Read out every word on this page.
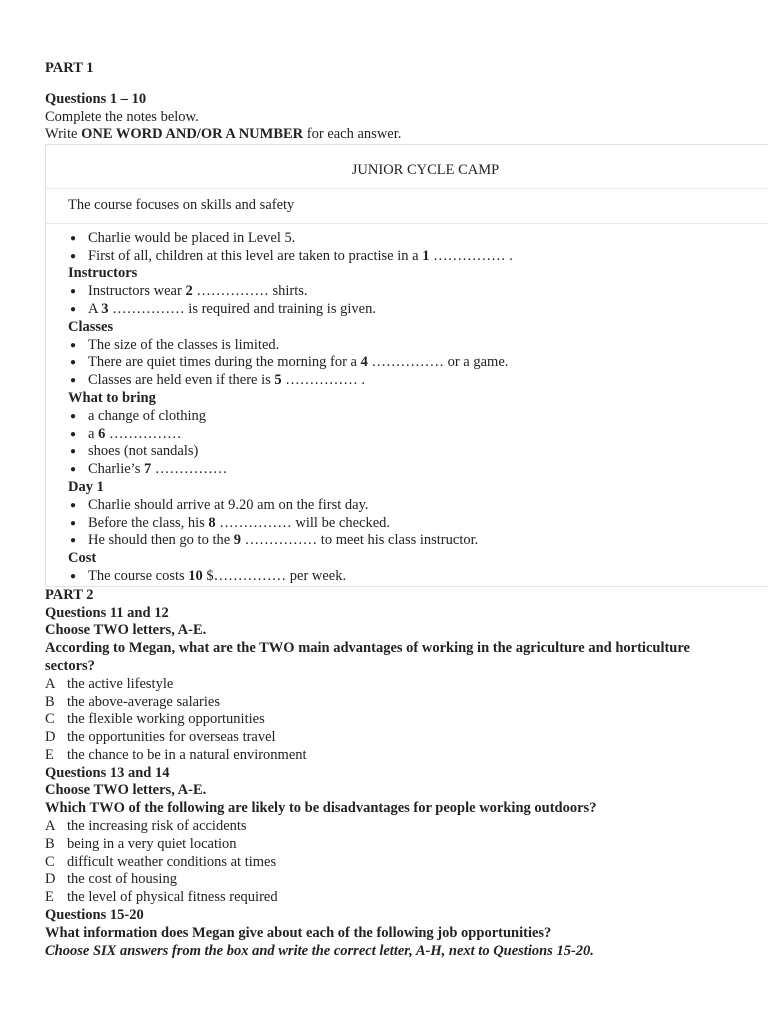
PART 1
Questions 1 – 10
Complete the notes below.
Write ONE WORD AND/OR A NUMBER for each answer.
JUNIOR CYCLE CAMP
The course focuses on skills and safety
● Charlie would be placed in Level 5.
● First of all, children at this level are taken to practise in a 1 …………… .
Instructors
● Instructors wear 2 …………… shirts.
● A 3 …………… is required and training is given.
Classes
● The size of the classes is limited.
● There are quiet times during the morning for a 4 …………… or a game.
● Classes are held even if there is 5 …………… .
What to bring
● a change of clothing
● a 6 ……………
● shoes (not sandals)
● Charlie’s 7 ……………
Day 1
● Charlie should arrive at 9.20 am on the first day.
● Before the class, his 8 …………… will be checked.
● He should then go to the 9 …………… to meet his class instructor.
Cost
● The course costs 10 $…………… per week.
PART 2
Questions 11 and 12
Choose TWO letters, A-E.
According to Megan, what are the TWO main advantages of working in the agriculture and horticulture sectors?
A the active lifestyle
B the above-average salaries
C the flexible working opportunities
D the opportunities for overseas travel
E the chance to be in a natural environment
Questions 13 and 14
Choose TWO letters, A-E.
Which TWO of the following are likely to be disadvantages for people working outdoors?
A the increasing risk of accidents
B being in a very quiet location
C difficult weather conditions at times
D the cost of housing
E the level of physical fitness required
Questions 15-20
What information does Megan give about each of the following job opportunities?
Choose SIX answers from the box and write the correct letter, A-H, next to Questions 15-20.
